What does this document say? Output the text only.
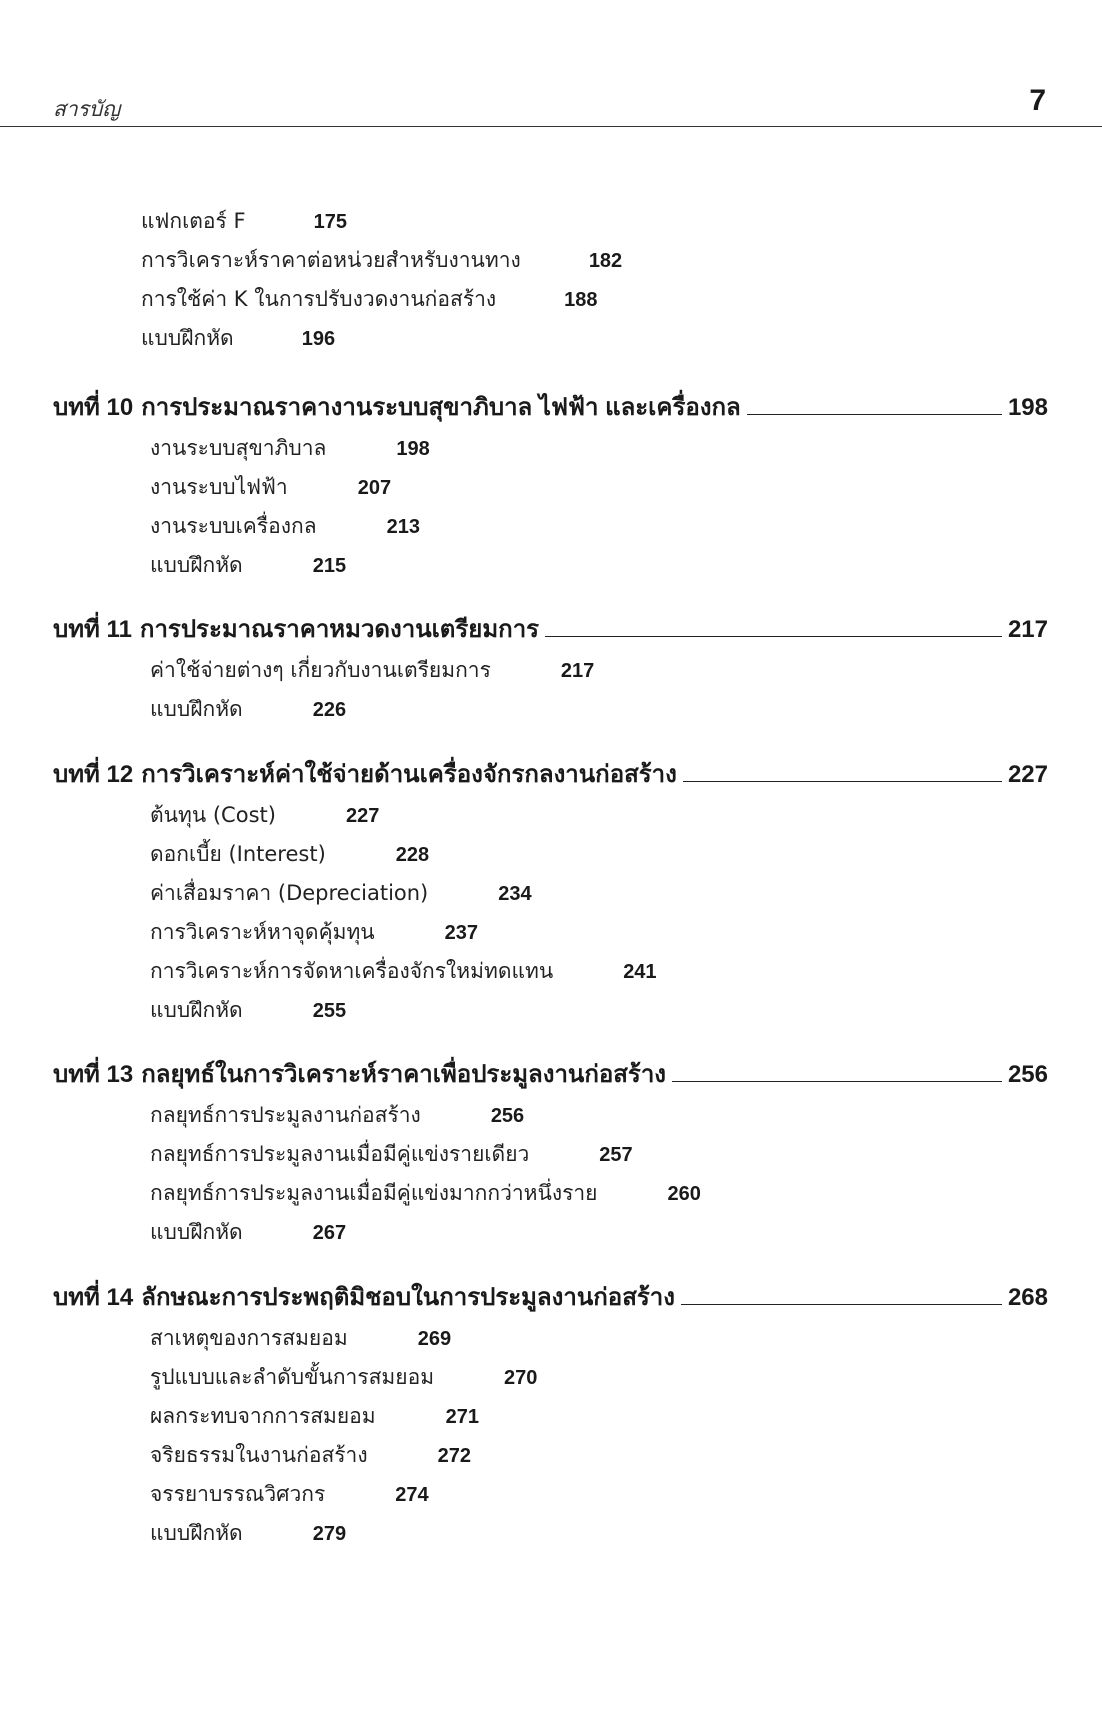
สารบัญ	7
แฟกเตอร์ F	175
การวิเคราะห์ราคาต่อหน่วยสำหรับงานทาง	182
การใช้ค่า K ในการปรับงวดงานก่อสร้าง	188
แบบฝึกหัด	196
บทที่ 10 การประมาณราคางานระบบสุขาภิบาล ไฟฟ้า และเครื่องกล	198
งานระบบสุขาภิบาล	198
งานระบบไฟฟ้า	207
งานระบบเครื่องกล	213
แบบฝึกหัด	215
บทที่ 11 การประมาณราคาหมวดงานเตรียมการ	217
ค่าใช้จ่ายต่างๆ เกี่ยวกับงานเตรียมการ	217
แบบฝึกหัด	226
บทที่ 12 การวิเคราะห์ค่าใช้จ่ายด้านเครื่องจักรกลงานก่อสร้าง	227
ต้นทุน (Cost)	227
ดอกเบี้ย (Interest)	228
ค่าเสื่อมราคา (Depreciation)	234
การวิเคราะห์หาจุดคุ้มทุน	237
การวิเคราะห์การจัดหาเครื่องจักรใหม่ทดแทน	241
แบบฝึกหัด	255
บทที่ 13 กลยุทธ์ในการวิเคราะห์ราคาเพื่อประมูลงานก่อสร้าง	256
กลยุทธ์การประมูลงานก่อสร้าง	256
กลยุทธ์การประมูลงานเมื่อมีคู่แข่งรายเดียว	257
กลยุทธ์การประมูลงานเมื่อมีคู่แข่งมากกว่าหนึ่งราย	260
แบบฝึกหัด	267
บทที่ 14 ลักษณะการประพฤติมิชอบในการประมูลงานก่อสร้าง	268
สาเหตุของการสมยอม	269
รูปแบบและลำดับขั้นการสมยอม	270
ผลกระทบจากการสมยอม	271
จริยธรรมในงานก่อสร้าง	272
จรรยาบรรณวิศวกร	274
แบบฝึกหัด	279
